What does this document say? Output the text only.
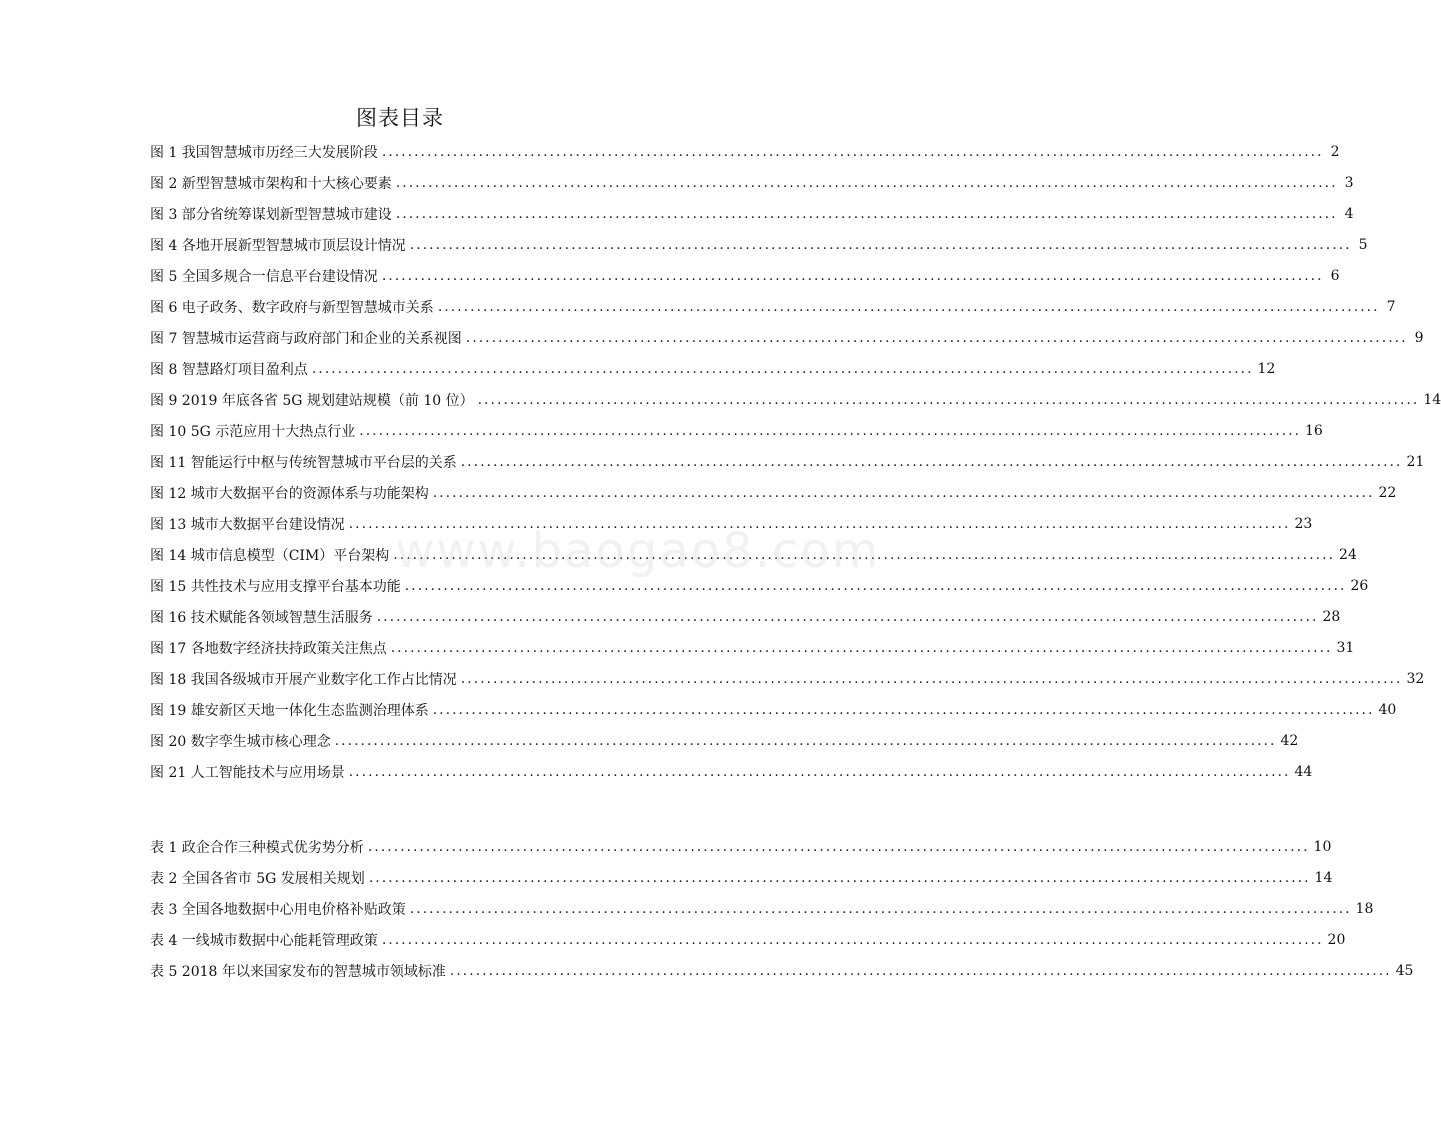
图表目录
图 1 我国智慧城市历经三大发展阶段 .....	2
图 2 新型智慧城市架构和十大核心要素 .....	3
图 3 部分省统筹谋划新型智慧城市建设 .....	4
图 4 各地开展新型智慧城市顶层设计情况 .....	5
图 5 全国多规合一信息平台建设情况 .....	6
图 6 电子政务、数字政府与新型智慧城市关系 .....	7
图 7 智慧城市运营商与政府部门和企业的关系视图 .....	9
图 8 智慧路灯项目盈利点 .....	12
图 9 2019 年底各省 5G 规划建站规模（前 10 位） .....	14
图 10 5G 示范应用十大热点行业 .....	16
图 11 智能运行中枢与传统智慧城市平台层的关系 .....	21
图 12 城市大数据平台的资源体系与功能架构 .....	22
图 13 城市大数据平台建设情况 .....	23
图 14 城市信息模型（CIM）平台架构 .....	24
图 15 共性技术与应用支撑平台基本功能 .....	26
图 16 技术赋能各领域智慧生活服务 .....	28
图 17 各地数字经济扶持政策关注焦点 .....	31
图 18 我国各级城市开展产业数字化工作占比情况 .....	32
图 19 雄安新区天地一体化生态监测治理体系 .....	40
图 20 数字孪生城市核心理念 .....	42
图 21 人工智能技术与应用场景 .....	44
表 1 政企合作三种模式优劣势分析 .....	10
表 2 全国各省市 5G 发展相关规划 .....	14
表 3 全国各地数据中心用电价格补贴政策 .....	18
表 4 一线城市数据中心能耗管理政策 .....	20
表 5 2018 年以来国家发布的智慧城市领域标准 .....	45
www.baogao8.com
